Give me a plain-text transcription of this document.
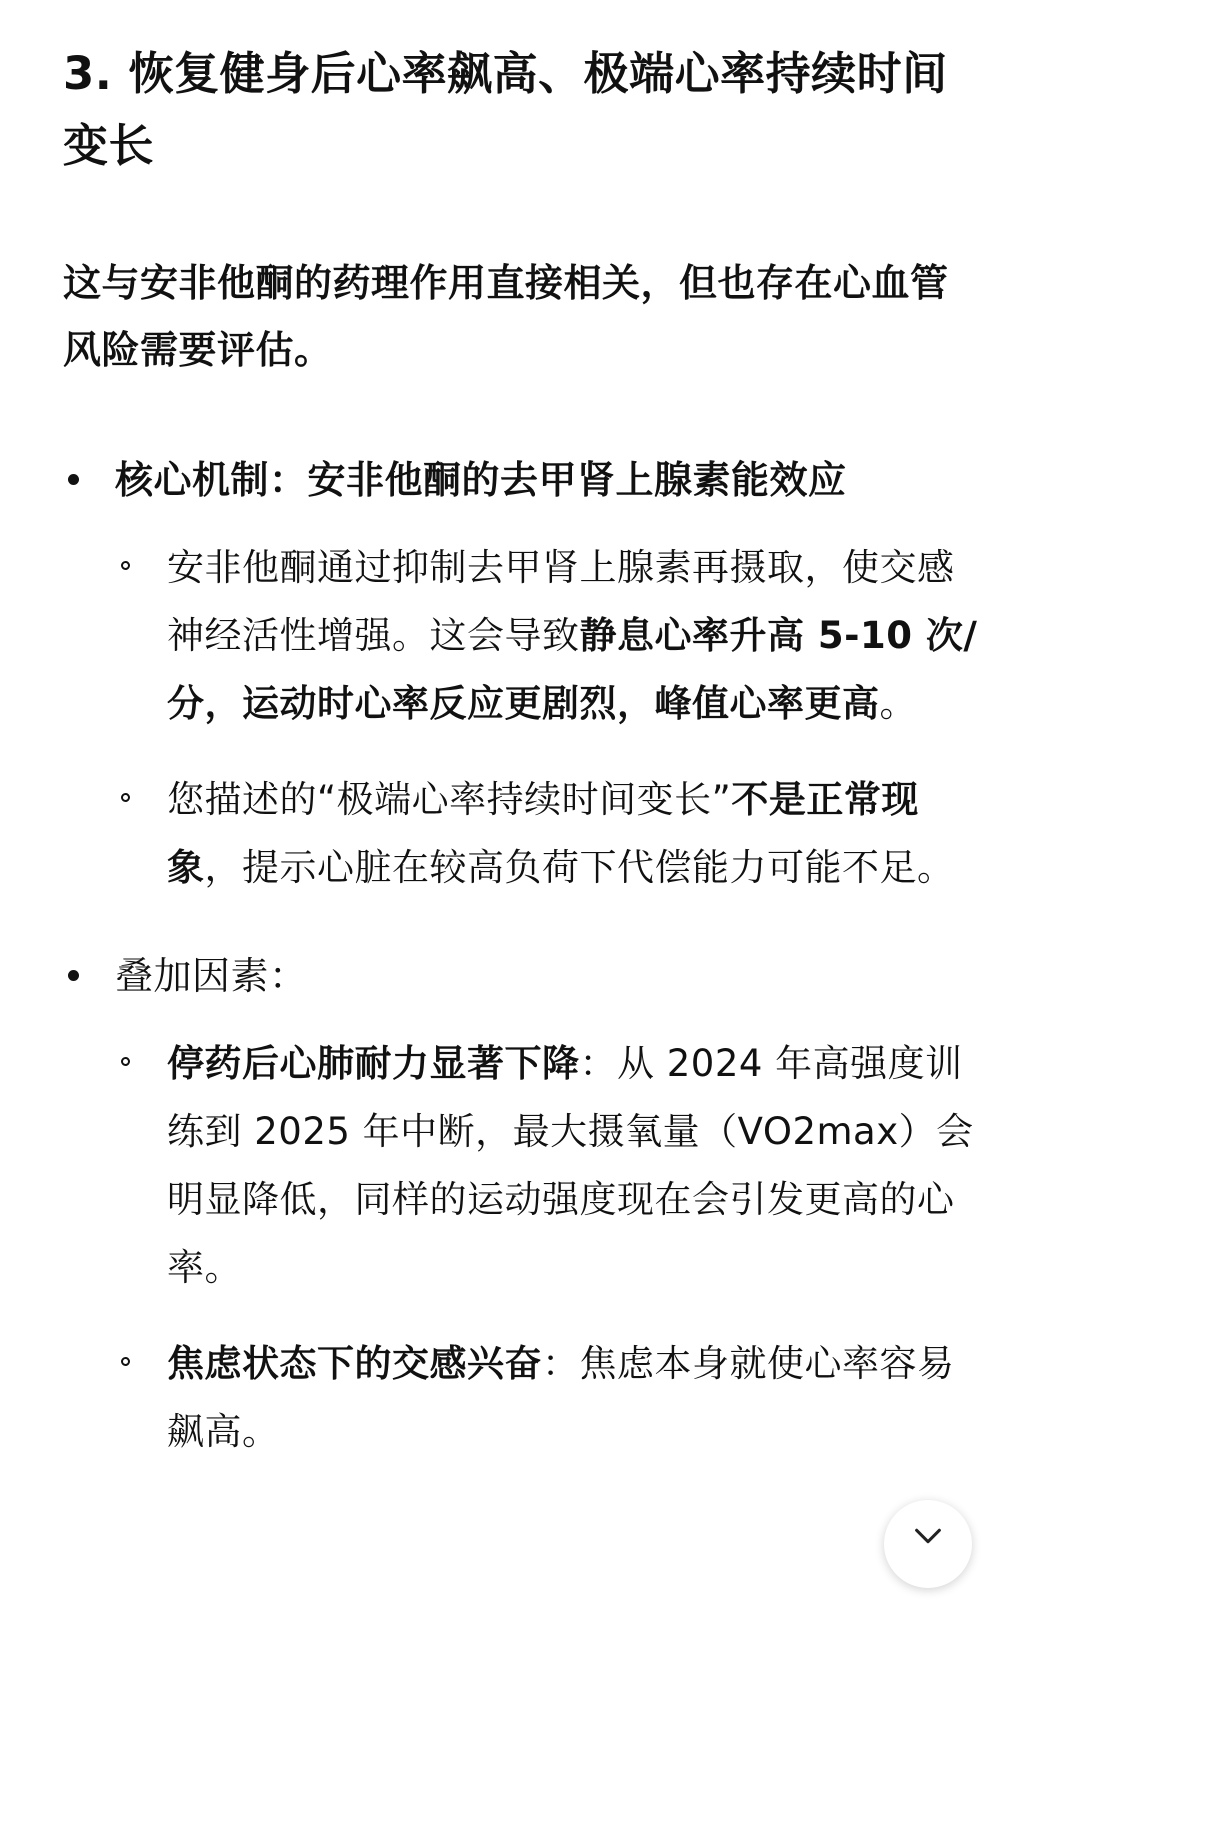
3. 恢复健身后心率飙高、极端心率持续时间变长

这与安非他酮的药理作用直接相关，但也存在心血管风险需要评估。

核心机制：安非他酮的去甲肾上腺素能效应
安非他酮通过抑制去甲肾上腺素再摄取，使交感神经活性增强。这会导致静息心率升高 5-10 次/分，运动时心率反应更剧烈，峰值心率更高。
您描述的“极端心率持续时间变长”不是正常现象，提示心脏在较高负荷下代偿能力可能不足。
叠加因素：
停药后心肺耐力显著下降：从 2024 年高强度训练到 2025 年中断，最大摄氧量（VO2max）会明显降低，同样的运动强度现在会引发更高的心率。
焦虑状态下的交感兴奋：焦虑本身就使心率容易飙高。
